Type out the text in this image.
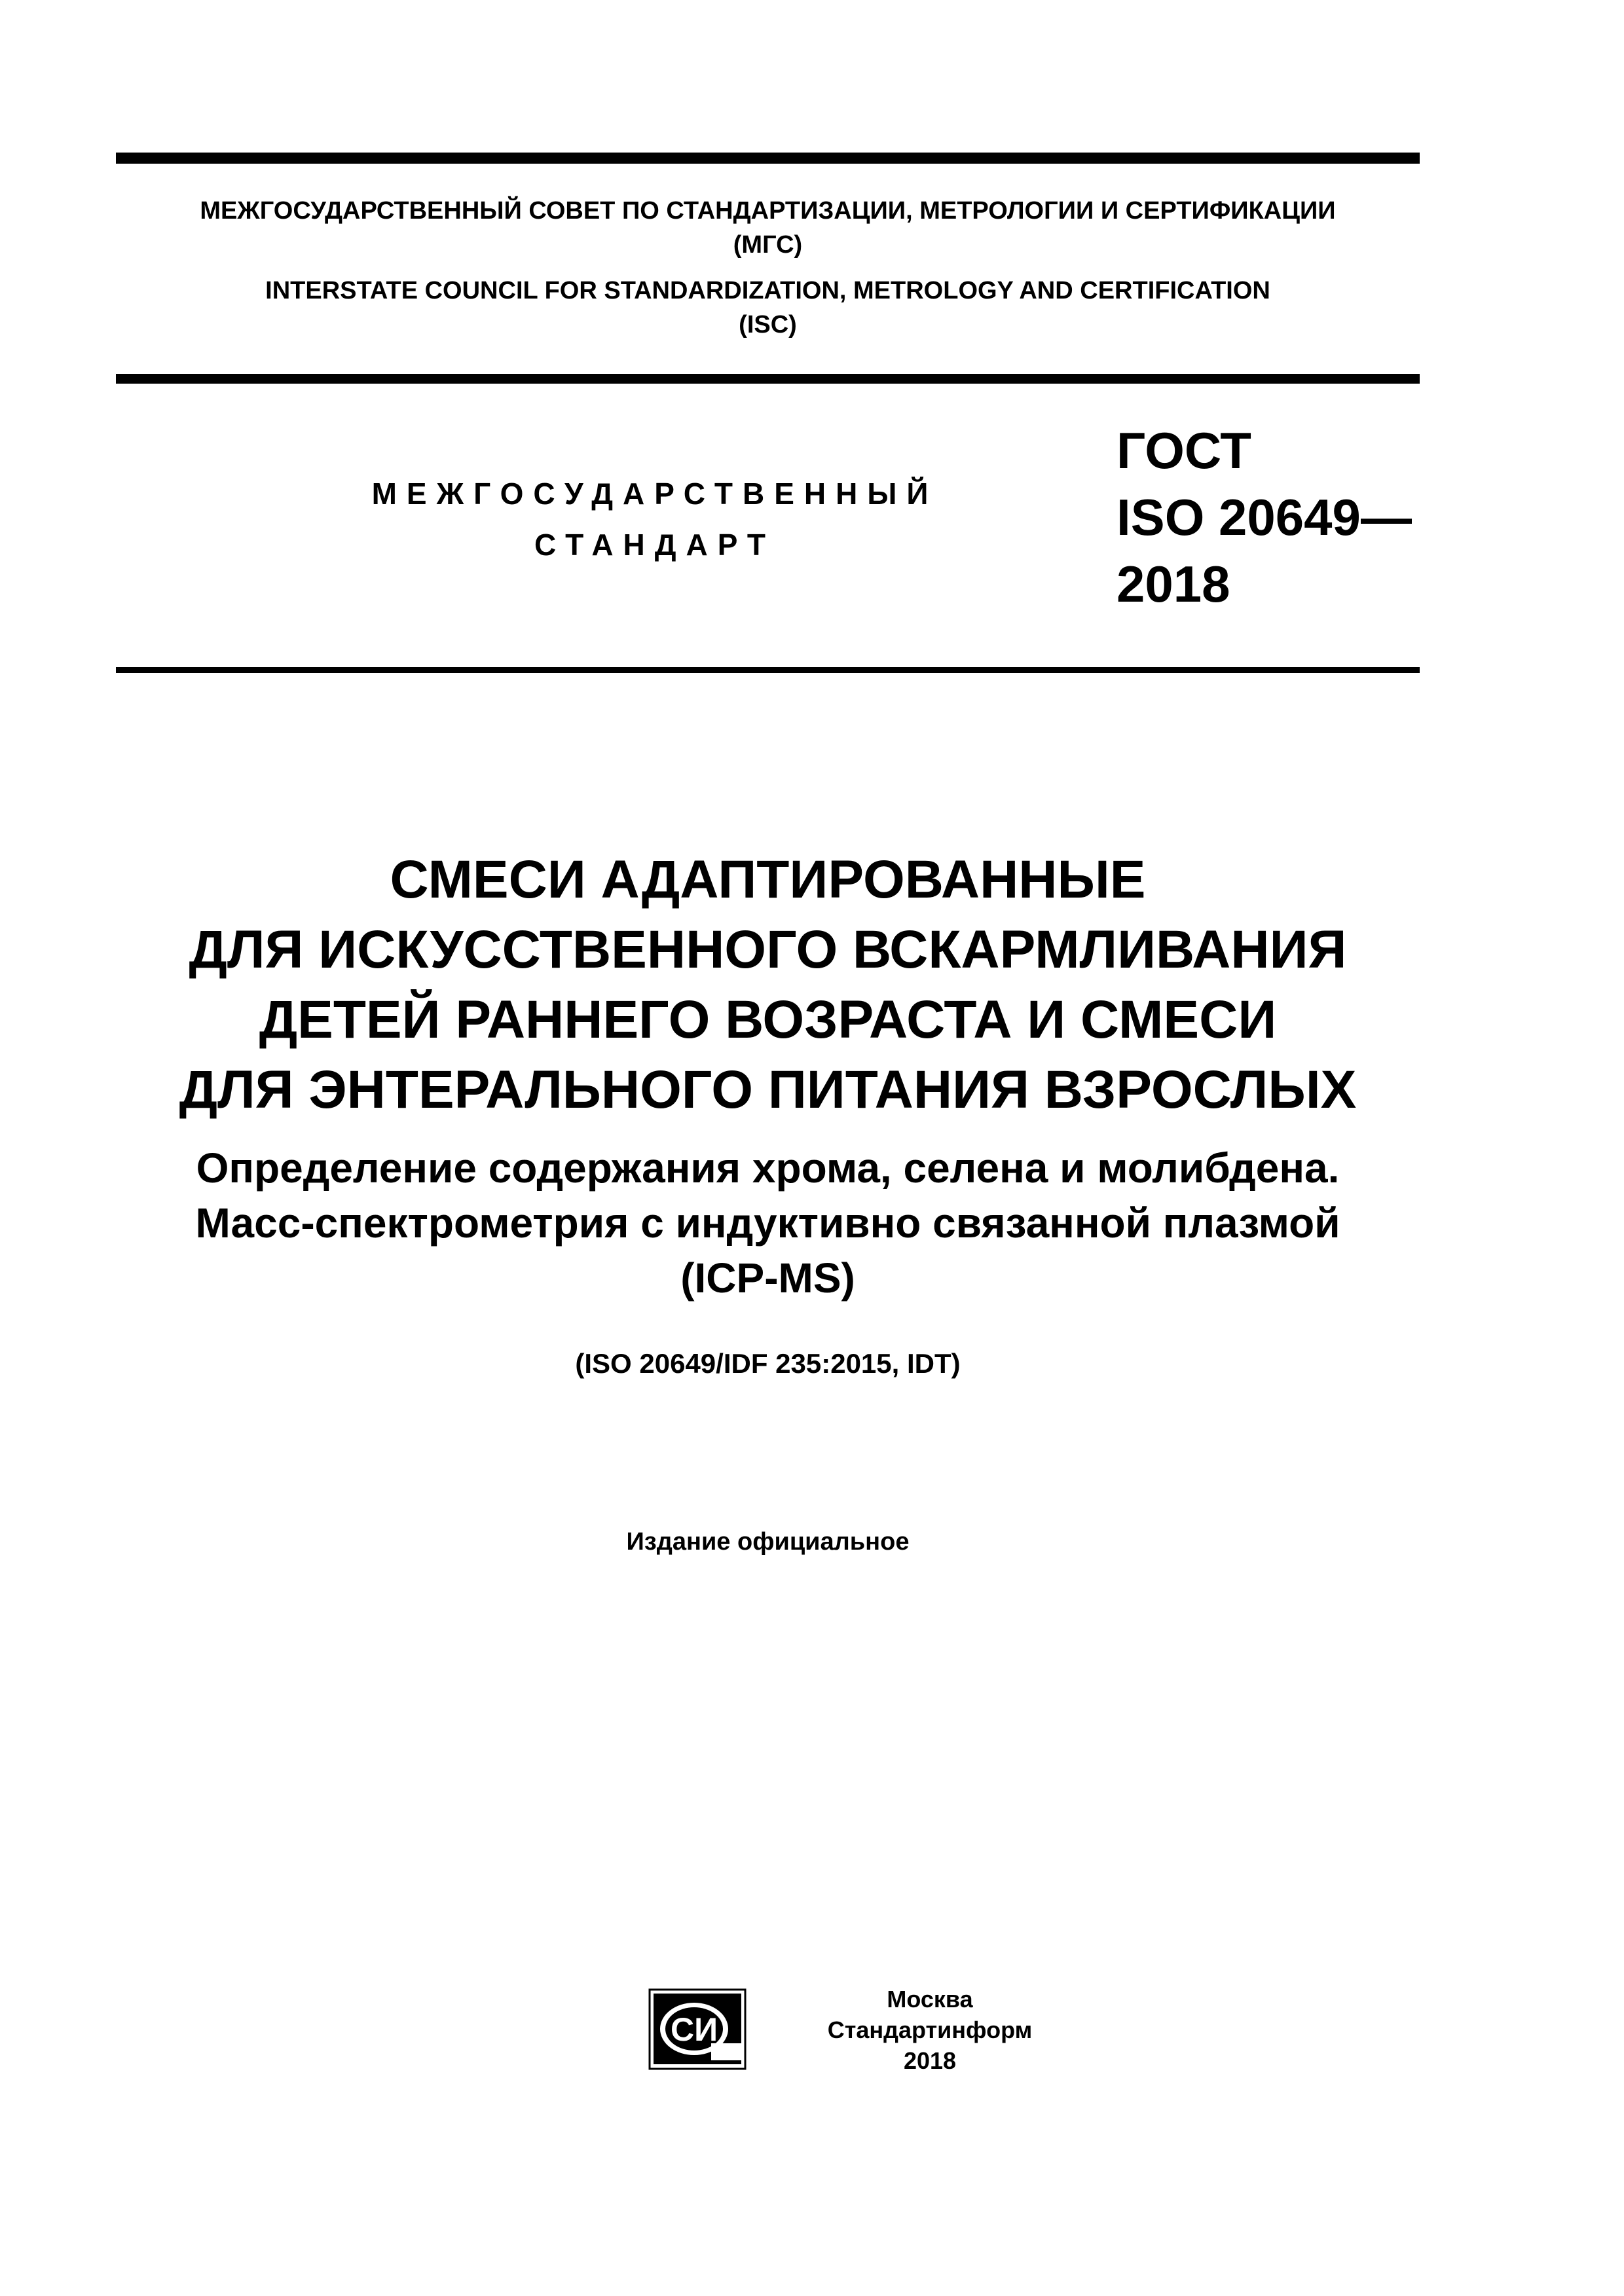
МЕЖГОСУДАРСТВЕННЫЙ СОВЕТ ПО СТАНДАРТИЗАЦИИ, МЕТРОЛОГИИ И СЕРТИФИКАЦИИ
(МГС)
INTERSTATE COUNCIL FOR STANDARDIZATION, METROLOGY AND CERTIFICATION
(ISC)
МЕЖГОСУДАРСТВЕННЫЙ
СТАНДАРТ
ГОСТ
ISO 20649—
2018
СМЕСИ АДАПТИРОВАННЫЕ
ДЛЯ ИСКУССТВЕННОГО ВСКАРМЛИВАНИЯ
ДЕТЕЙ РАННЕГО ВОЗРАСТА И СМЕСИ
ДЛЯ ЭНТЕРАЛЬНОГО ПИТАНИЯ ВЗРОСЛЫХ
Определение содержания хрома, селена и молибдена.
Масс-спектрометрия с индуктивно связанной плазмой
(ICP-MS)
(ISO 20649/IDF 235:2015, IDT)
Издание официальное
СИ
Москва
Стандартинформ
2018
